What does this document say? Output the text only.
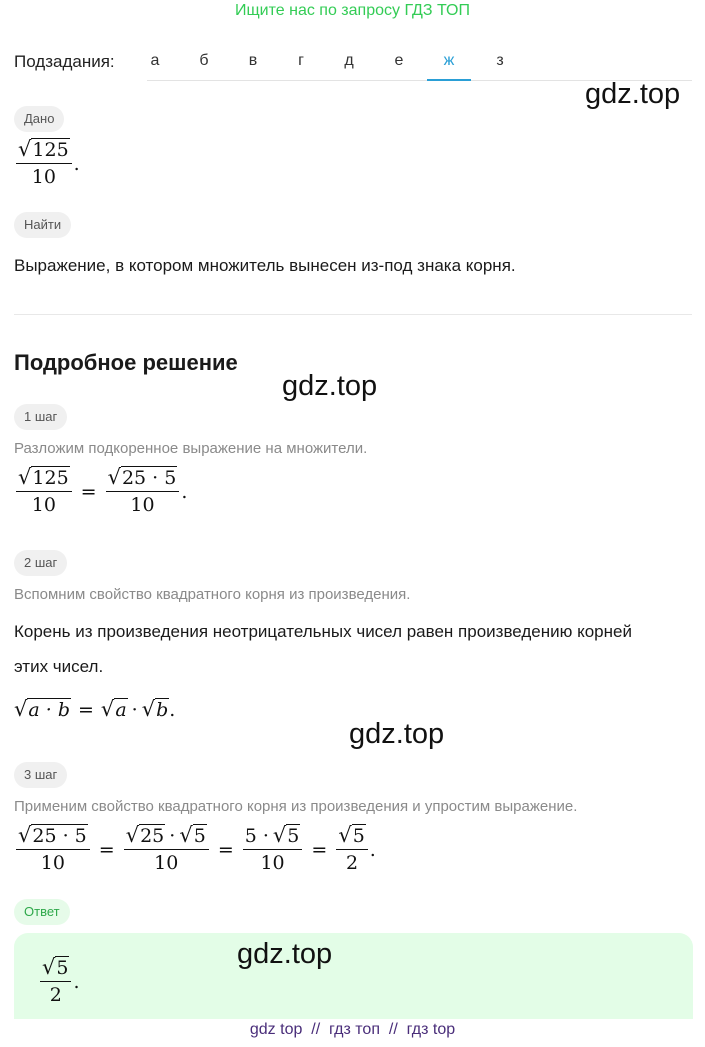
Ищите нас по запросу ГДЗ ТОП
Подзадания:	а	б	в	г	д	е	ж	з
gdz.top
Дано
$\frac{√ 125}{10}$ .
Найти
Выражение, в котором множитель вынесен из-под знака корня.
Подробное решение
gdz.top
1 шаг
Разложим подкоренное выражение на множители.
$\frac{√ 125}{10} = \frac{√ 25 \cdot 5}{10}$ .
2 шаг
Вспомним свойство квадратного корня из произведения.
Корень из произведения неотрицательных чисел равен произведению корней
этих чисел.
√ a · b = √ a · √ b .
gdz.top
3 шаг
Применим свойство квадратного корня из произведения и упростим выражение.
$\frac{√ 25 \cdot 5}{10} = \frac{√ 25 \cdot √ 5}{10} = \frac{5 \cdot √ 5}{10} = \frac{√ 5}{2}$ .
Ответ
gdz.top
$\frac{√ 5}{2}$ .
gdz top  //  гдз топ  //  гдз top
